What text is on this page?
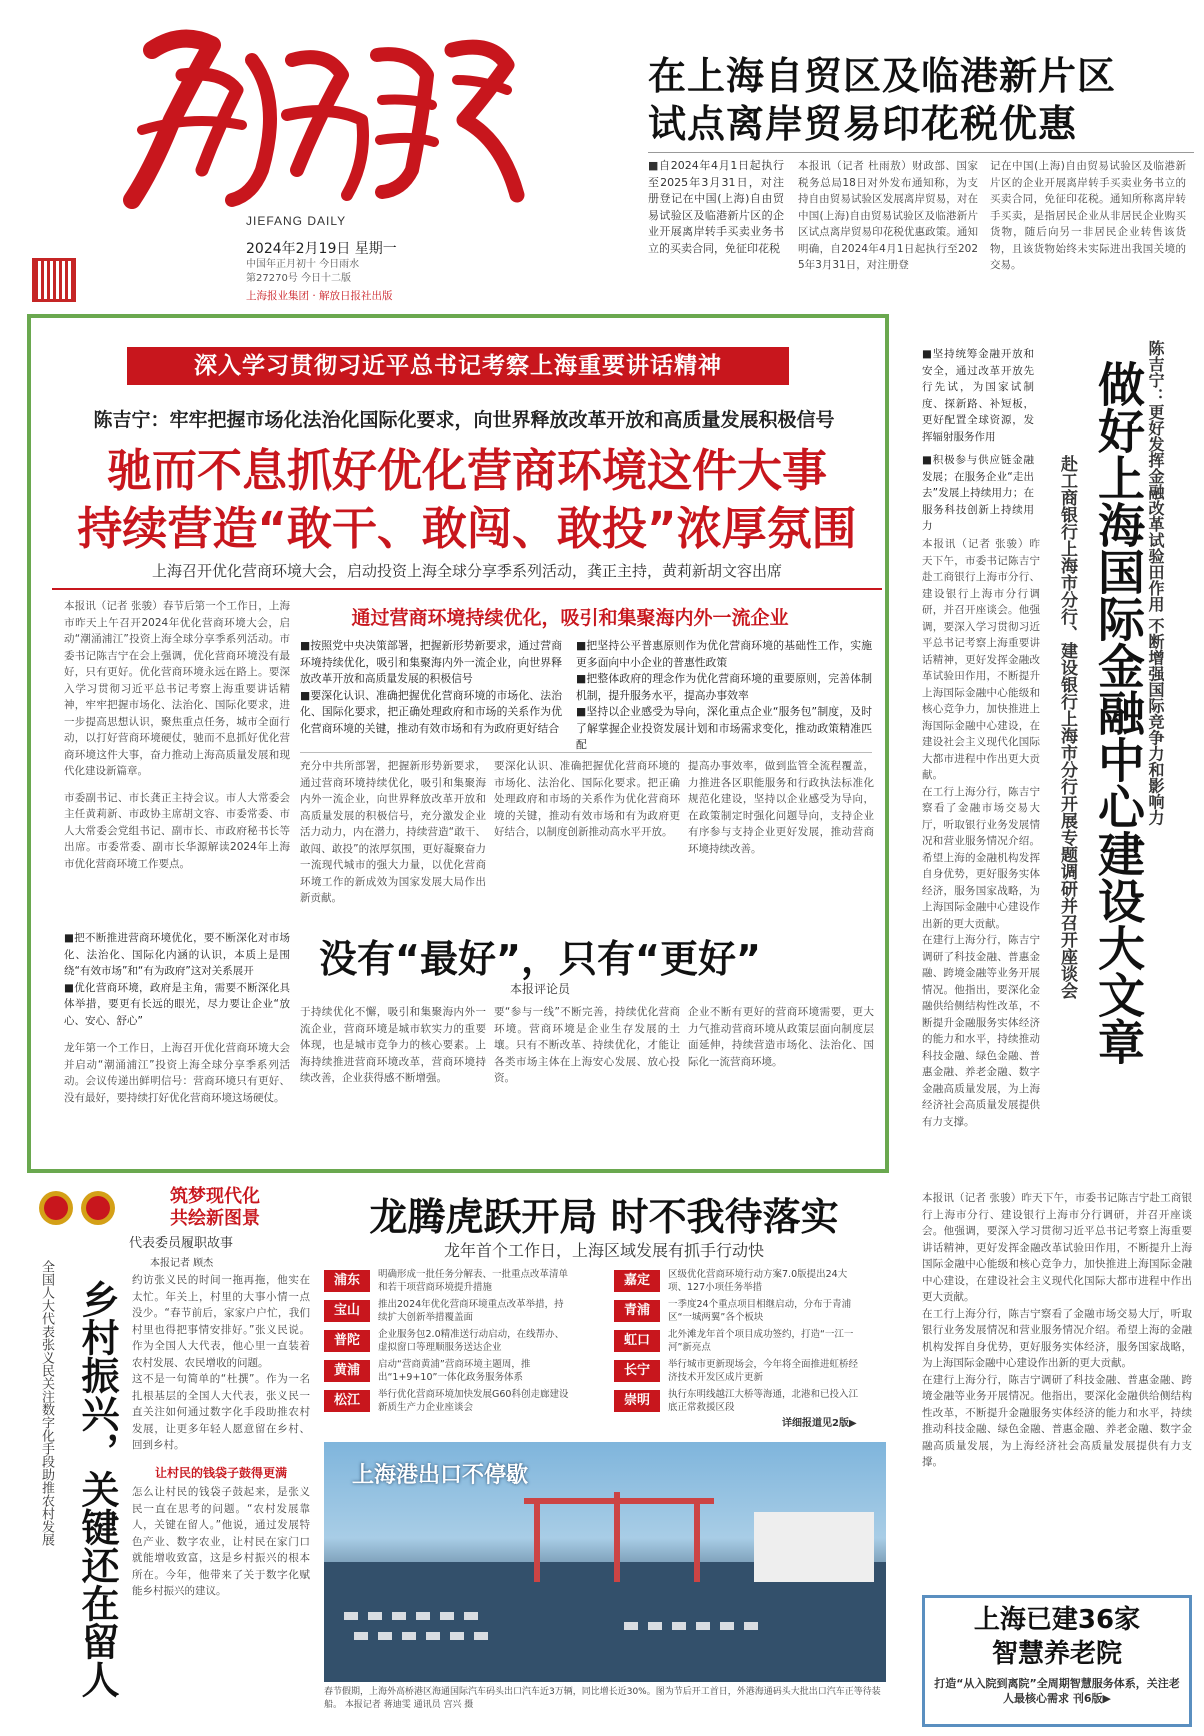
JIEFANG DAILY
2024年2月19日 星期一
中国年正月初十 今日雨水
第27270号 今日十二版
上海报业集团 · 解放日报社出版
在上海自贸区及临港新片区
试点离岸贸易印花税优惠
■自2024年4月1日起执行至2025年3月31日，对注册登记在中国(上海)自由贸易试验区及临港新片区的企业开展离岸转手买卖业务书立的买卖合同，免征印花税
本报讯（记者 杜雨敖）财政部、国家税务总局18日对外发布通知称，为支持自由贸易试验区发展离岸贸易，对在中国(上海)自由贸易试验区及临港新片区试点离岸贸易印花税优惠政策。通知明确，自2024年4月1日起执行至2025年3月31日，对注册登
记在中国(上海)自由贸易试验区及临港新片区的企业开展离岸转手买卖业务书立的买卖合同，免征印花税。通知所称离岸转手买卖，是指居民企业从非居民企业购买货物，随后向另一非居民企业转售该货物，且该货物始终未实际进出我国关境的交易。
深入学习贯彻习近平总书记考察上海重要讲话精神
陈吉宁：牢牢把握市场化法治化国际化要求，向世界释放改革开放和高质量发展积极信号
驰而不息抓好优化营商环境这件大事
持续营造“敢干、敢闯、敢投”浓厚氛围
上海召开优化营商环境大会，启动投资上海全球分享季系列活动，龚正主持，黄莉新胡文容出席
本报讯（记者 张骏）春节后第一个工作日，上海市昨天上午召开2024年优化营商环境大会，启动“潮涌浦江”投资上海全球分享季系列活动。市委书记陈吉宁在会上强调，优化营商环境没有最好，只有更好。优化营商环境永远在路上。要深入学习贯彻习近平总书记考察上海重要讲话精神，牢牢把握市场化、法治化、国际化要求，进一步提高思想认识，聚焦重点任务，城市全面行动，以打好营商环境硬仗，驰而不息抓好优化营商环境这件大事，奋力推动上海高质量发展和现代化建设新篇章。
市委副书记、市长龚正主持会议。市人大常委会主任黄莉新、市政协主席胡文容、市委常委、市人大常委会党组书记、副市长、市政府秘书长等出席。市委常委、副市长华源解读2024年上海市优化营商环境工作要点。
通过营商环境持续优化，吸引和集聚海内外一流企业
■按照党中央决策部署，把握新形势新要求，通过营商环境持续优化，吸引和集聚海内外一流企业，向世界释放改革开放和高质量发展的积极信号
■要深化认识、准确把握优化营商环境的市场化、法治化、国际化要求，把正确处理政府和市场的关系作为优化营商环境的关键，推动有效市场和有为政府更好结合
■把坚持公平普惠原则作为优化营商环境的基础性工作，实施更多面向中小企业的普惠性政策
■把整体政府的理念作为优化营商环境的重要原则，完善体制机制，提升服务水平，提高办事效率
■坚持以企业感受为导向，深化重点企业“服务包”制度，及时了解掌握企业投资发展计划和市场需求变化，推动政策精准匹配
充分中共所部署，把握新形势新要求，通过营商环境持续优化，吸引和集聚海内外一流企业，向世界释放改革开放和高质量发展的积极信号，充分激发企业活力动力，内在潜力，持续营造“敢干、敢闯、敢投”的浓厚氛围，更好凝聚奋力一流现代城市的强大力量，以优化营商环境工作的新成效为国家发展大局作出新贡献。
要深化认识、准确把握优化营商环境的市场化、法治化、国际化要求。把正确处理政府和市场的关系作为优化营商环境的关键，推动有效市场和有为政府更好结合，以制度创新推动高水平开放。
提高办事效率，做到监管全流程覆盖，力推进各区职能服务和行政执法标准化规范化建设，坚持以企业感受为导向，在政策制定时强化问题导向，支持企业有序参与支持企业更好发展，推动营商环境持续改善。
■把不断推进营商环境优化，要不断深化对市场化、法治化、国际化内涵的认识，本质上是围绕“有效市场”和“有为政府”这对关系展开
■优化营商环境，政府是主角，需要不断深化具体举措，要更有长远的眼光，尽力要让企业“放心、安心、舒心”
没有“最好”，只有“更好”
本报评论员
龙年第一个工作日，上海召开优化营商环境大会并启动“潮涌浦江”投资上海全球分享季系列活动。会议传递出鲜明信号：营商环境只有更好、没有最好，要持续打好优化营商环境这场硬仗。
于持续优化不懈，吸引和集聚海内外一流企业，营商环境是城市软实力的重要体现，也是城市竞争力的核心要素。上海持续推进营商环境改革，营商环境持续改善，企业获得感不断增强。
要“参与一线”不断完善，持续优化营商环境。营商环境是企业生存发展的土壤。只有不断改革、持续优化，才能让各类市场主体在上海安心发展、放心投资。
企业不断有更好的营商环境需要，更大力气推动营商环境从政策层面向制度层面延伸，持续营造市场化、法治化、国际化一流营商环境。
■坚持统筹金融开放和安全，通过改革开放先行先试，为国家试制度、探新路、补短板，更好配置全球资源，发挥辐射服务作用
■积极参与供应链金融发展；在服务企业“走出去”发展上持续用力；在服务科技创新上持续用力	陈吉宁：更好发挥金融改革试验田作用 不断增强国际竞争力和影响力
做好上海国际金融中心建设大文章
赴工商银行上海市分行、建设银行上海市分行开展专题调研并召开座谈会
本报讯（记者 张骏）昨天下午，市委书记陈吉宁赴工商银行上海市分行、建设银行上海市分行调研，并召开座谈会。他强调，要深入学习贯彻习近平总书记考察上海重要讲话精神，更好发挥金融改革试验田作用，不断提升上海国际金融中心能级和核心竞争力，加快推进上海国际金融中心建设，在建设社会主义现代化国际大都市进程中作出更大贡献。
在工行上海分行，陈吉宁察看了金融市场交易大厅，听取银行业务发展情况和营业服务情况介绍。希望上海的金融机构发挥自身优势，更好服务实体经济，服务国家战略，为上海国际金融中心建设作出新的更大贡献。
在建行上海分行，陈吉宁调研了科技金融、普惠金融、跨境金融等业务开展情况。他指出，要深化金融供给侧结构性改革，不断提升金融服务实体经济的能力和水平，持续推动科技金融、绿色金融、普惠金融、养老金融、数字金融高质量发展，为上海经济社会高质量发展提供有力支撑。
本报讯（记者 张骏）昨天下午，市委书记陈吉宁赴工商银行上海市分行、建设银行上海市分行调研，并召开座谈会。他强调，要深入学习贯彻习近平总书记考察上海重要讲话精神，更好发挥金融改革试验田作用，不断提升上海国际金融中心能级和核心竞争力，加快推进上海国际金融中心建设，在建设社会主义现代化国际大都市进程中作出更大贡献。
在工行上海分行，陈吉宁察看了金融市场交易大厅，听取银行业务发展情况和营业服务情况介绍。希望上海的金融机构发挥自身优势，更好服务实体经济，服务国家战略，为上海国际金融中心建设作出新的更大贡献。
在建行上海分行，陈吉宁调研了科技金融、普惠金融、跨境金融等业务开展情况。他指出，要深化金融供给侧结构性改革，不断提升金融服务实体经济的能力和水平，持续推动科技金融、绿色金融、普惠金融、养老金融、数字金融高质量发展，为上海经济社会高质量发展提供有力支撑。
筑梦现代化
共绘新图景
代表委员履职故事
本报记者 顾杰
全国人大代表张义民关注数字化手段助推农村发展 乡村振兴，关键还在留人 约访张义民的时间一拖再拖，他实在太忙。年关上，村里的大事小情一点没少。“春节前后，家家户户忙，我们村里也得把事情安排好。”张义民说。作为全国人大代表，他心里一直装着农村发展、农民增收的问题。
这不是一句简单的“杜撰”。作为一名扎根基层的全国人大代表，张义民一直关注如何通过数字化手段助推农村发展，让更多年轻人愿意留在乡村、回到乡村。
让村民的钱袋子鼓得更满
怎么让村民的钱袋子鼓起来，是张义民一直在思考的问题。“农村发展靠人，关键在留人。”他说，通过发展特色产业、数字农业，让村民在家门口就能增收致富，这是乡村振兴的根本所在。今年，他带来了关于数字化赋能乡村振兴的建议。
龙腾虎跃开局 时不我待落实
龙年首个工作日，上海区域发展有抓手行动快
浦东	明确形成一批任务分解表、一批重点改革清单和若干项营商环境提升措施
宝山	推出2024年优化营商环境重点改革举措，持续扩大创新举措覆盖面
普陀	企业服务包2.0精准送行动启动，在线帮办、虚拟窗口等理顺服务送达企业
黄浦	启动“营商黄浦”营商环境主题周，推出“1+9+10”一体化政务服务体系
松江	举行优化营商环境加快发展G60科创走廊建设新质生产力企业座谈会
嘉定	区级优化营商环境行动方案7.0版提出24大项、127小项任务举措
青浦	一季度24个重点项目相继启动，分布于青浦区“一城两翼”各个板块
虹口	北外滩龙年首个项目成功签约，打造“一江一河”新亮点
长宁	举行城市更新现场会，今年将全面推进虹桥经济技术开发区成片更新
崇明	执行东明线越江大桥等海通，北港和已投入江底正常救援区段
详细报道见2版▶
上海港出口不停歇
春节假期，上海外高桥港区海通国际汽车码头出口汽车近3万辆，同比增长近30%。图为节后开工首日，外港海通码头大批出口汽车正等待装船。 本报记者 蒋迪雯 通讯员 宫兴 摄
上海已建36家
智慧养老院
打造“从入院到离院”全周期智慧服务体系，关注老人最核心需求 刊6版▶
